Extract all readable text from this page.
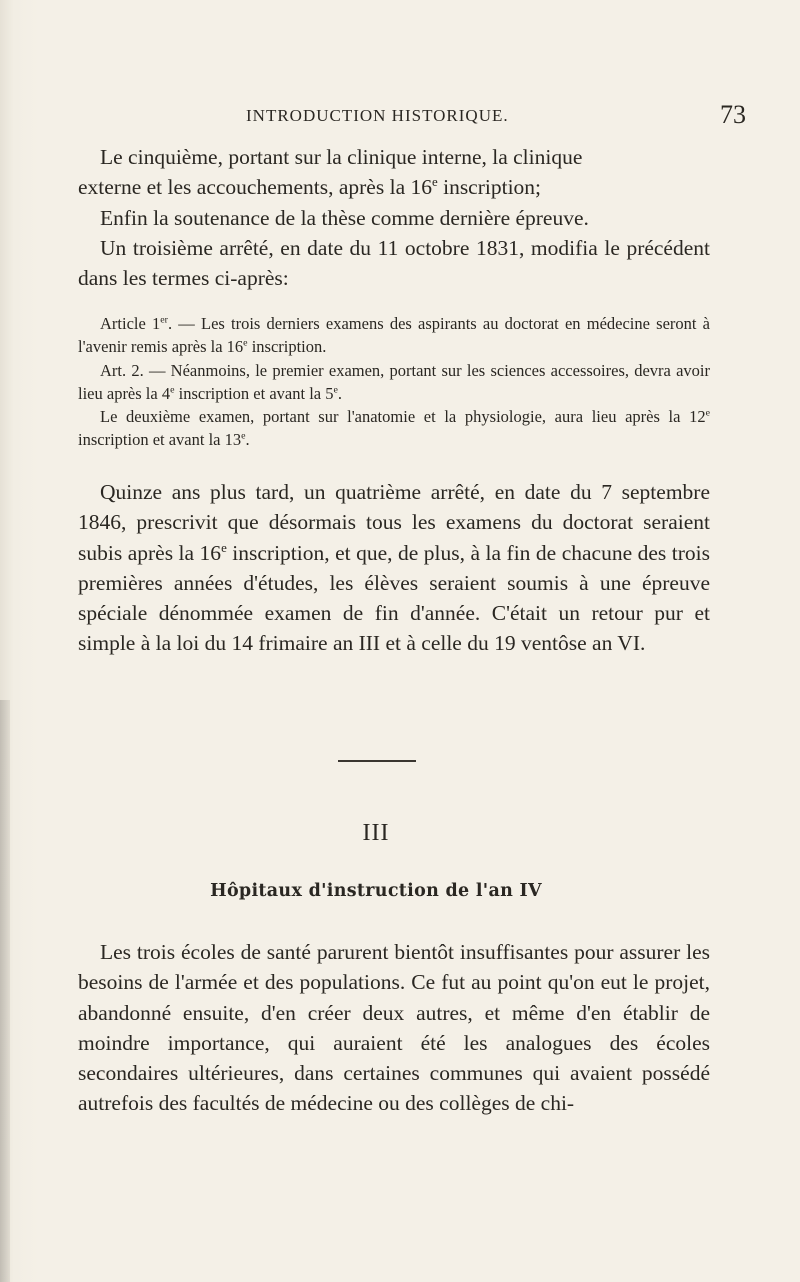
INTRODUCTION HISTORIQUE.	73

Le cinquième, portant sur la clinique interne, la clinique

externe et les accouchements, après la 16e inscription;

Enfin la soutenance de la thèse comme dernière épreuve.

Un troisième arrêté, en date du 11 octobre 1831, modifia le précédent dans les termes ci-après:

Article 1er. — Les trois derniers examens des aspirants au doctorat en médecine seront à l'avenir remis après la 16e inscription.

Art. 2. — Néanmoins, le premier examen, portant sur les sciences accessoires, devra avoir lieu après la 4e inscription et avant la 5e.

Le deuxième examen, portant sur l'anatomie et la physiologie, aura lieu après la 12e inscription et avant la 13e.

Quinze ans plus tard, un quatrième arrêté, en date du 7 septembre 1846, prescrivit que désormais tous les examens du doctorat seraient subis après la 16e inscription, et que, de plus, à la fin de chacune des trois premières années d'études, les élèves seraient soumis à une épreuve spéciale dénommée examen de fin d'année. C'était un retour pur et simple à la loi du 14 frimaire an III et à celle du 19 ventôse an VI.

III
Hôpitaux d'instruction de l'an IV

Les trois écoles de santé parurent bientôt insuffisantes pour assurer les besoins de l'armée et des populations. Ce fut au point qu'on eut le projet, abandonné ensuite, d'en créer deux autres, et même d'en établir de moindre importance, qui auraient été les analogues des écoles secondaires ultérieures, dans certaines communes qui avaient possédé autrefois des facultés de médecine ou des collèges de chi-
